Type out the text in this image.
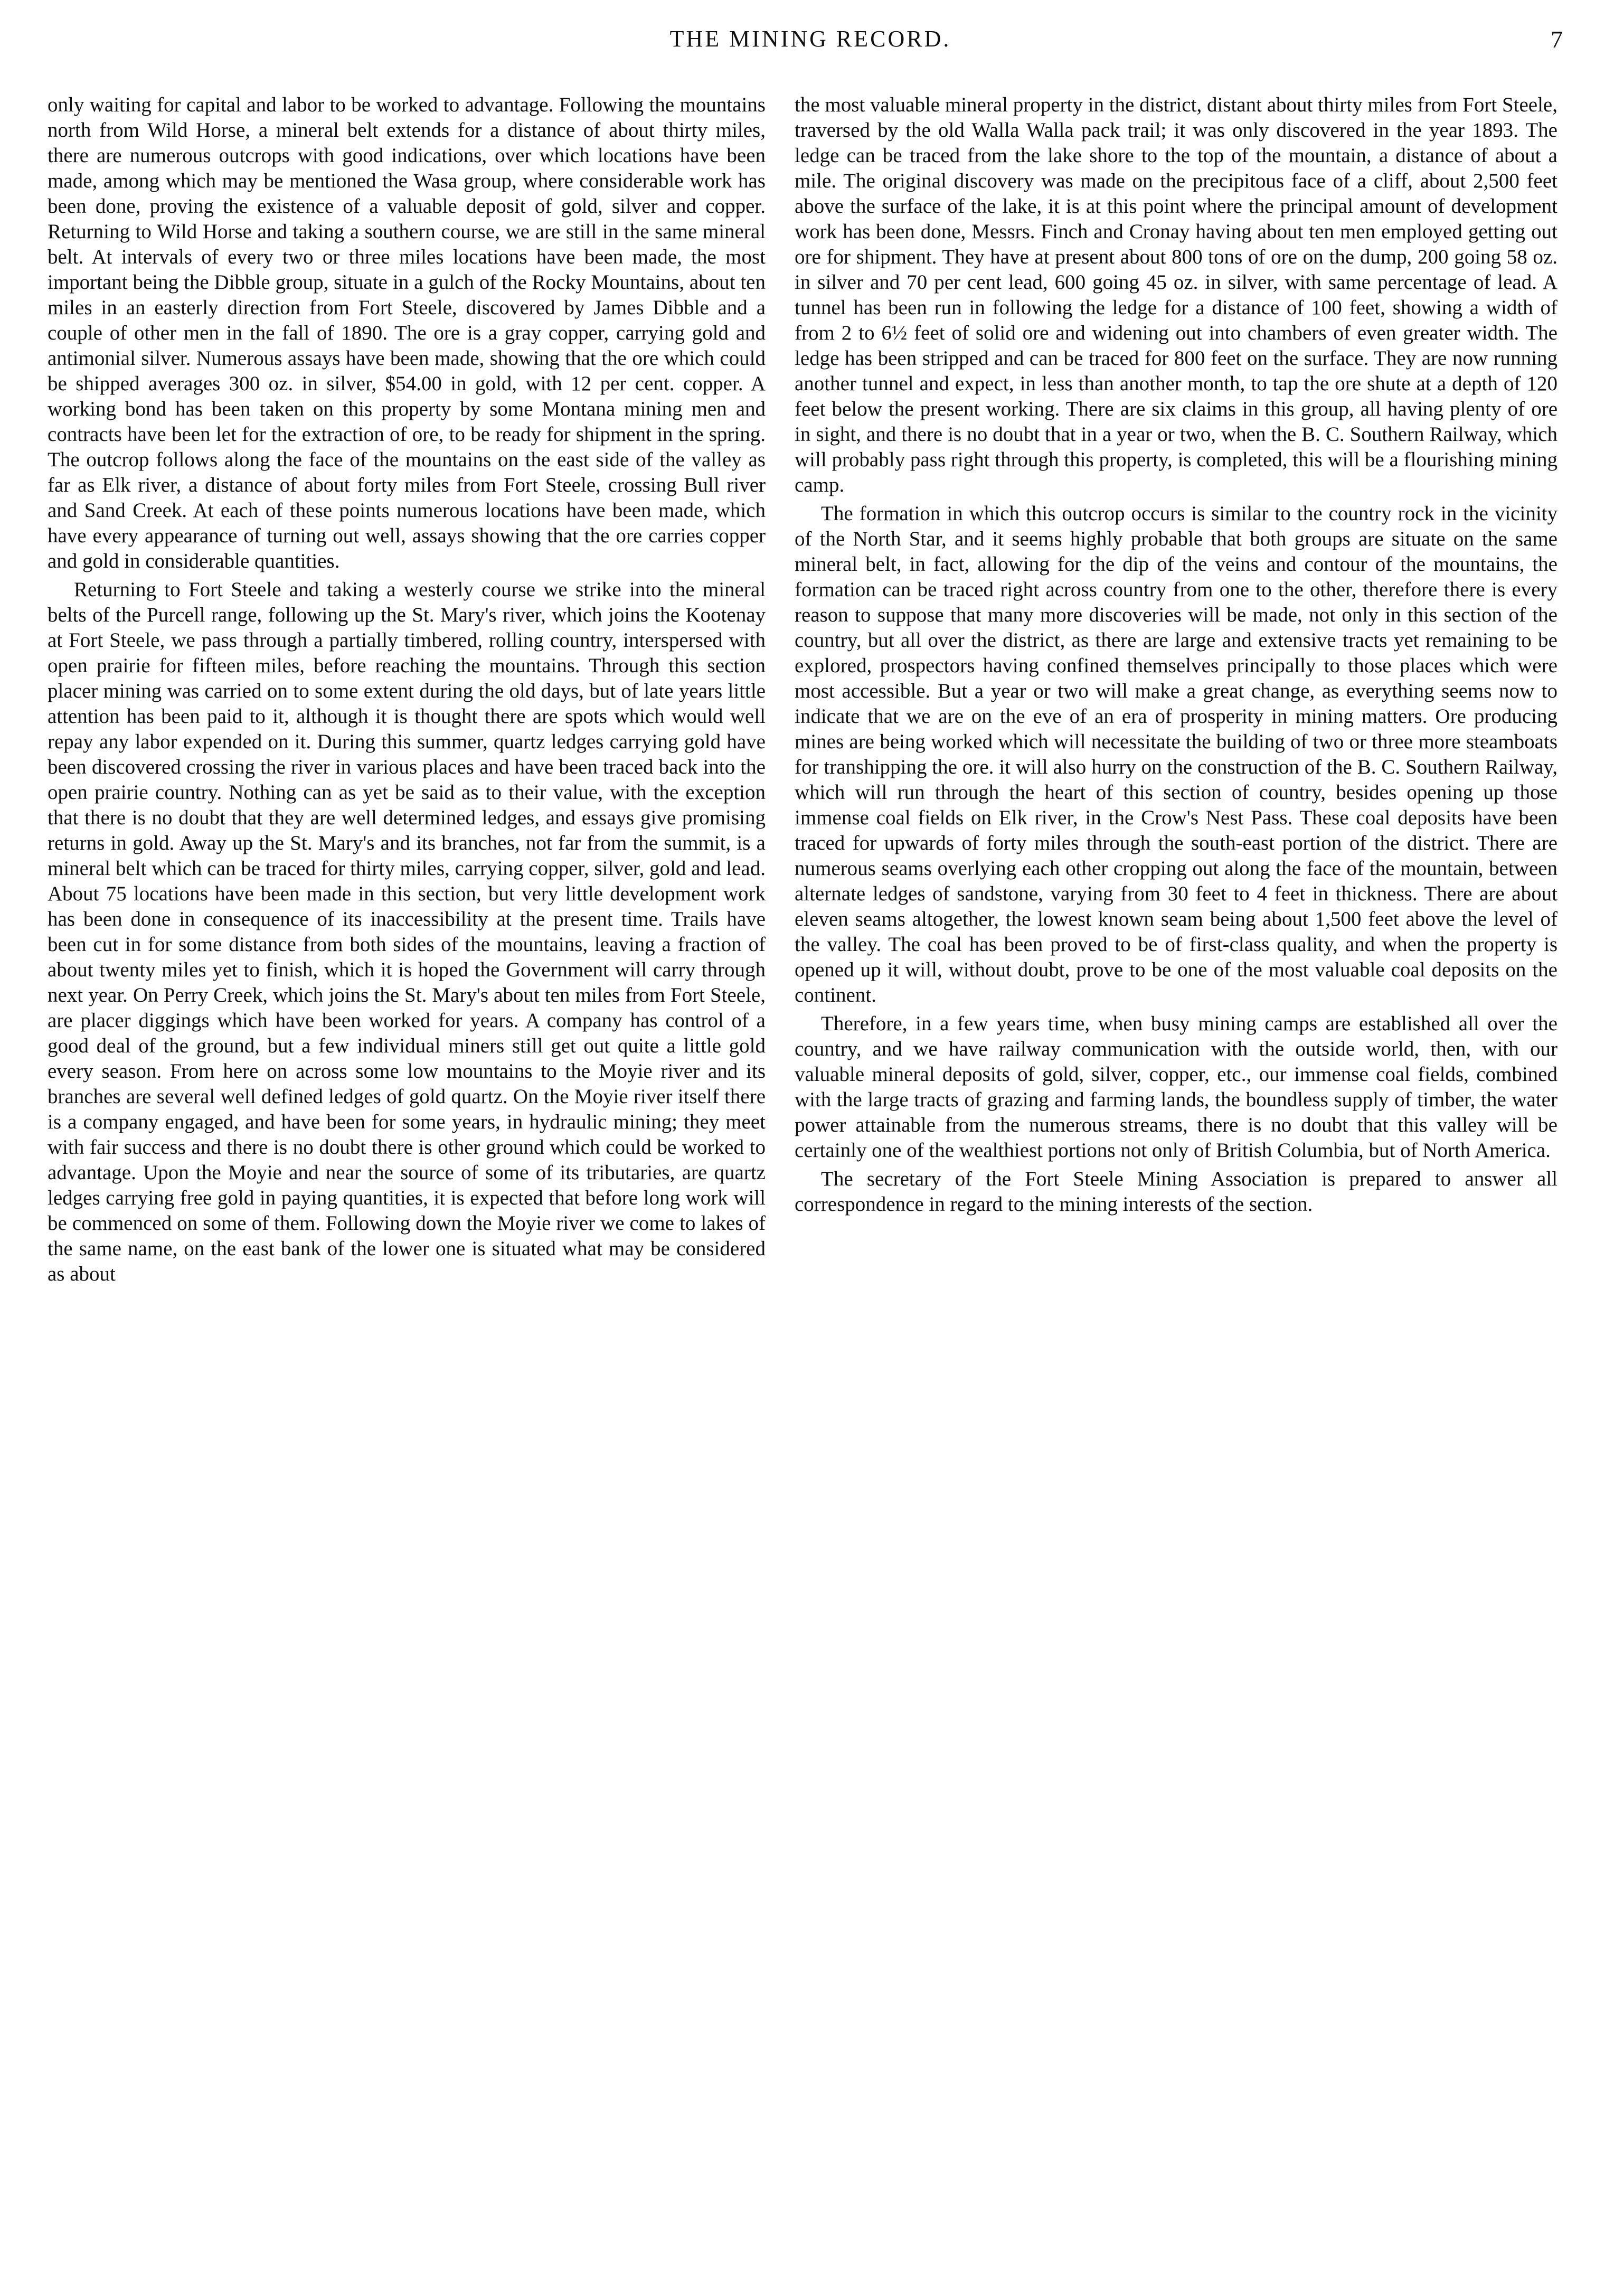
THE MINING RECORD.	7

only waiting for capital and labor to be worked to advantage. Following the mountains north from Wild Horse, a mineral belt extends for a distance of about thirty miles, there are numerous outcrops with good indications, over which locations have been made, among which may be mentioned the Wasa group, where considerable work has been done, proving the existence of a valuable deposit of gold, silver and copper. Returning to Wild Horse and taking a southern course, we are still in the same mineral belt. At intervals of every two or three miles locations have been made, the most important being the Dibble group, situate in a gulch of the Rocky Mountains, about ten miles in an easterly direction from Fort Steele, discovered by James Dibble and a couple of other men in the fall of 1890. The ore is a gray copper, carrying gold and antimonial silver. Numerous assays have been made, showing that the ore which could be shipped averages 300 oz. in silver, $54.00 in gold, with 12 per cent. copper. A working bond has been taken on this property by some Montana mining men and contracts have been let for the extraction of ore, to be ready for shipment in the spring. The outcrop follows along the face of the mountains on the east side of the valley as far as Elk river, a distance of about forty miles from Fort Steele, crossing Bull river and Sand Creek. At each of these points numerous locations have been made, which have every appearance of turning out well, assays showing that the ore carries copper and gold in considerable quantities.

Returning to Fort Steele and taking a westerly course we strike into the mineral belts of the Purcell range, following up the St. Mary's river, which joins the Kootenay at Fort Steele, we pass through a partially timbered, rolling country, interspersed with open prairie for fifteen miles, before reaching the mountains. Through this section placer mining was carried on to some extent during the old days, but of late years little attention has been paid to it, although it is thought there are spots which would well repay any labor expended on it. During this summer, quartz ledges carrying gold have been discovered crossing the river in various places and have been traced back into the open prairie country. Nothing can as yet be said as to their value, with the exception that there is no doubt that they are well determined ledges, and essays give promising returns in gold. Away up the St. Mary's and its branches, not far from the summit, is a mineral belt which can be traced for thirty miles, carrying copper, silver, gold and lead. About 75 locations have been made in this section, but very little development work has been done in consequence of its inaccessibility at the present time. Trails have been cut in for some distance from both sides of the mountains, leaving a fraction of about twenty miles yet to finish, which it is hoped the Government will carry through next year. On Perry Creek, which joins the St. Mary's about ten miles from Fort Steele, are placer diggings which have been worked for years. A company has control of a good deal of the ground, but a few individual miners still get out quite a little gold every season. From here on across some low mountains to the Moyie river and its branches are several well defined ledges of gold quartz. On the Moyie river itself there is a company engaged, and have been for some years, in hydraulic mining; they meet with fair success and there is no doubt there is other ground which could be worked to advantage. Upon the Moyie and near the source of some of its tributaries, are quartz ledges carrying free gold in paying quantities, it is expected that before long work will be commenced on some of them. Following down the Moyie river we come to lakes of the same name, on the east bank of the lower one is situated what may be considered as about

the most valuable mineral property in the district, distant about thirty miles from Fort Steele, traversed by the old Walla Walla pack trail; it was only discovered in the year 1893. The ledge can be traced from the lake shore to the top of the mountain, a distance of about a mile. The original discovery was made on the precipitous face of a cliff, about 2,500 feet above the surface of the lake, it is at this point where the principal amount of development work has been done, Messrs. Finch and Cronay having about ten men employed getting out ore for shipment. They have at present about 800 tons of ore on the dump, 200 going 58 oz. in silver and 70 per cent lead, 600 going 45 oz. in silver, with same percentage of lead. A tunnel has been run in following the ledge for a distance of 100 feet, showing a width of from 2 to 6½ feet of solid ore and widening out into chambers of even greater width. The ledge has been stripped and can be traced for 800 feet on the surface. They are now running another tunnel and expect, in less than another month, to tap the ore shute at a depth of 120 feet below the present working. There are six claims in this group, all having plenty of ore in sight, and there is no doubt that in a year or two, when the B. C. Southern Railway, which will probably pass right through this property, is completed, this will be a flourishing mining camp.

The formation in which this outcrop occurs is similar to the country rock in the vicinity of the North Star, and it seems highly probable that both groups are situate on the same mineral belt, in fact, allowing for the dip of the veins and contour of the mountains, the formation can be traced right across country from one to the other, therefore there is every reason to suppose that many more discoveries will be made, not only in this section of the country, but all over the district, as there are large and extensive tracts yet remaining to be explored, prospectors having confined themselves principally to those places which were most accessible. But a year or two will make a great change, as everything seems now to indicate that we are on the eve of an era of prosperity in mining matters. Ore producing mines are being worked which will necessitate the building of two or three more steamboats for transhipping the ore. it will also hurry on the construction of the B. C. Southern Railway, which will run through the heart of this section of country, besides opening up those immense coal fields on Elk river, in the Crow's Nest Pass. These coal deposits have been traced for upwards of forty miles through the south-east portion of the district. There are numerous seams overlying each other cropping out along the face of the mountain, between alternate ledges of sandstone, varying from 30 feet to 4 feet in thickness. There are about eleven seams altogether, the lowest known seam being about 1,500 feet above the level of the valley. The coal has been proved to be of first-class quality, and when the property is opened up it will, without doubt, prove to be one of the most valuable coal deposits on the continent.

Therefore, in a few years time, when busy mining camps are established all over the country, and we have railway communication with the outside world, then, with our valuable mineral deposits of gold, silver, copper, etc., our immense coal fields, combined with the large tracts of grazing and farming lands, the boundless supply of timber, the water power attainable from the numerous streams, there is no doubt that this valley will be certainly one of the wealthiest portions not only of British Columbia, but of North America.

The secretary of the Fort Steele Mining Association is prepared to answer all correspondence in regard to the mining interests of the section.
